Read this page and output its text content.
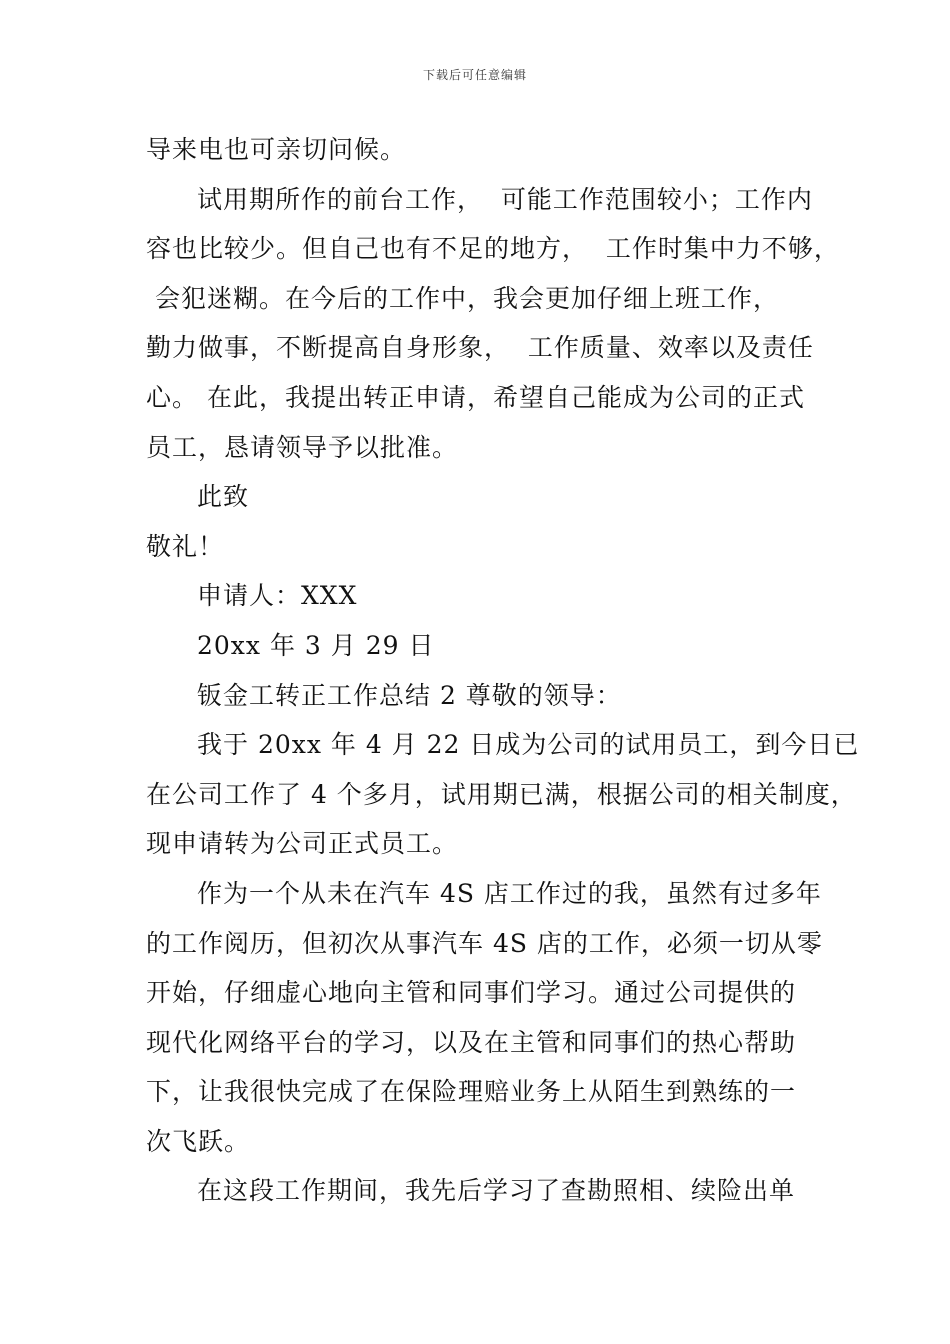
下载后可任意编辑
导来电也可亲切问候。
试用期所作的前台工作，  可能工作范围较小；工作内
容也比较少。但自己也有不足的地方，  工作时集中力不够，
会犯迷糊。在今后的工作中，我会更加仔细上班工作，
勤力做事，不断提高自身形象，  工作质量、效率以及责任
心。 在此，我提出转正申请，希望自己能成为公司的正式
员工，恳请领导予以批准。
此致
敬礼！
申请人：XXX
20xx 年 3 月 29 日
钣金工转正工作总结 2 尊敬的领导：
我于 20xx 年 4 月 22 日成为公司的试用员工，到今日已
在公司工作了 4 个多月，试用期已满，根据公司的相关制度，
现申请转为公司正式员工。
作为一个从未在汽车 4S 店工作过的我，虽然有过多年
的工作阅历，但初次从事汽车 4S 店的工作，必须一切从零
开始，仔细虚心地向主管和同事们学习。通过公司提供的
现代化网络平台的学习，以及在主管和同事们的热心帮助
下，让我很快完成了在保险理赔业务上从陌生到熟练的一
次飞跃。
在这段工作期间，我先后学习了查勘照相、续险出单
